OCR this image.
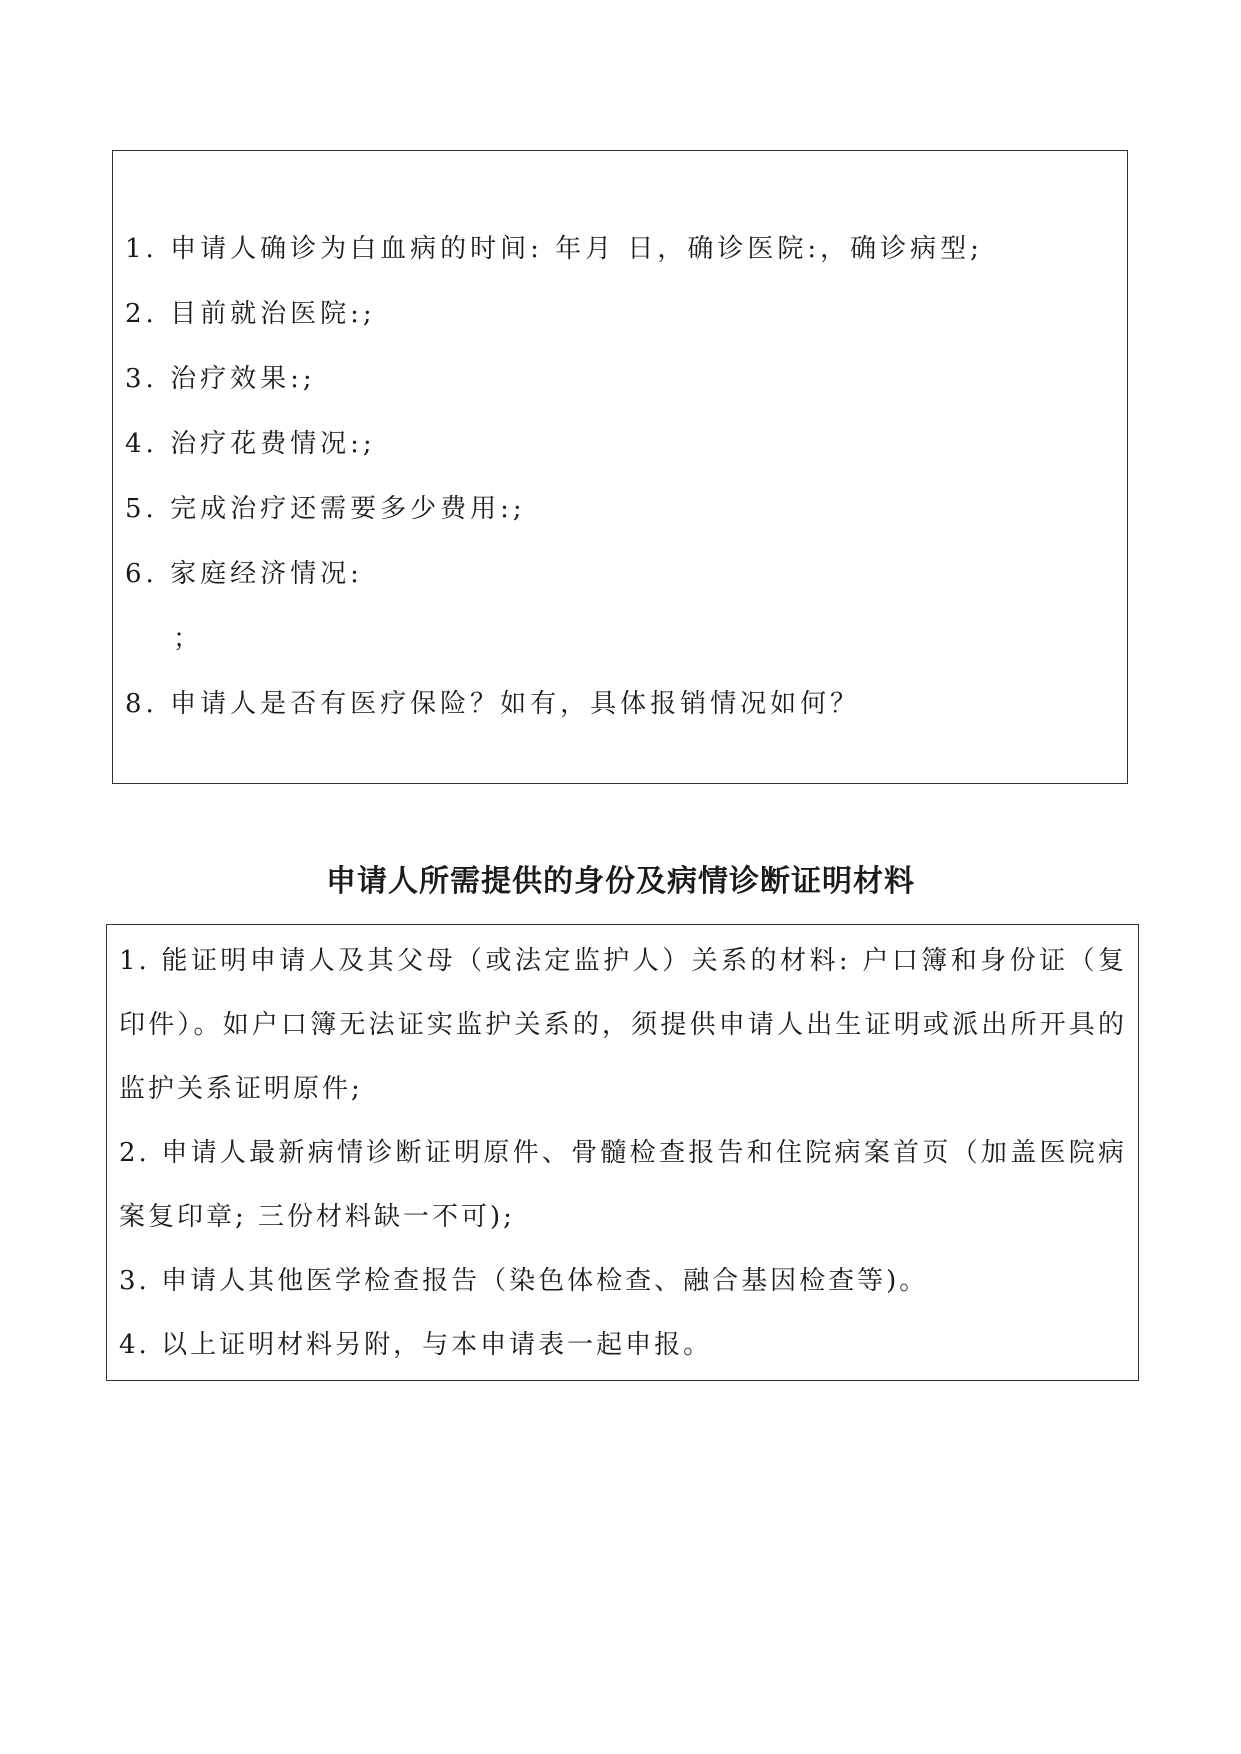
1. 申请人确诊为白血病的时间: 年月 日，确诊医院:，确诊病型;
2. 目前就治医院:;
3. 治疗效果:;
4. 治疗花费情况:;
5. 完成治疗还需要多少费用:;
6. 家庭经济情况:
；
8. 申请人是否有医疗保险？如有，具体报销情况如何？
申请人所需提供的身份及病情诊断证明材料
1. 能证明申请人及其父母（或法定监护人）关系的材料: 户口簿和身份证（复印件）。如户口簿无法证实监护关系的，须提供申请人出生证明或派出所开具的监护关系证明原件;
2. 申请人最新病情诊断证明原件、骨髓检查报告和住院病案首页（加盖医院病案复印章; 三份材料缺一不可);
3. 申请人其他医学检查报告（染色体检查、融合基因检查等)。
4. 以上证明材料另附，与本申请表一起申报。
